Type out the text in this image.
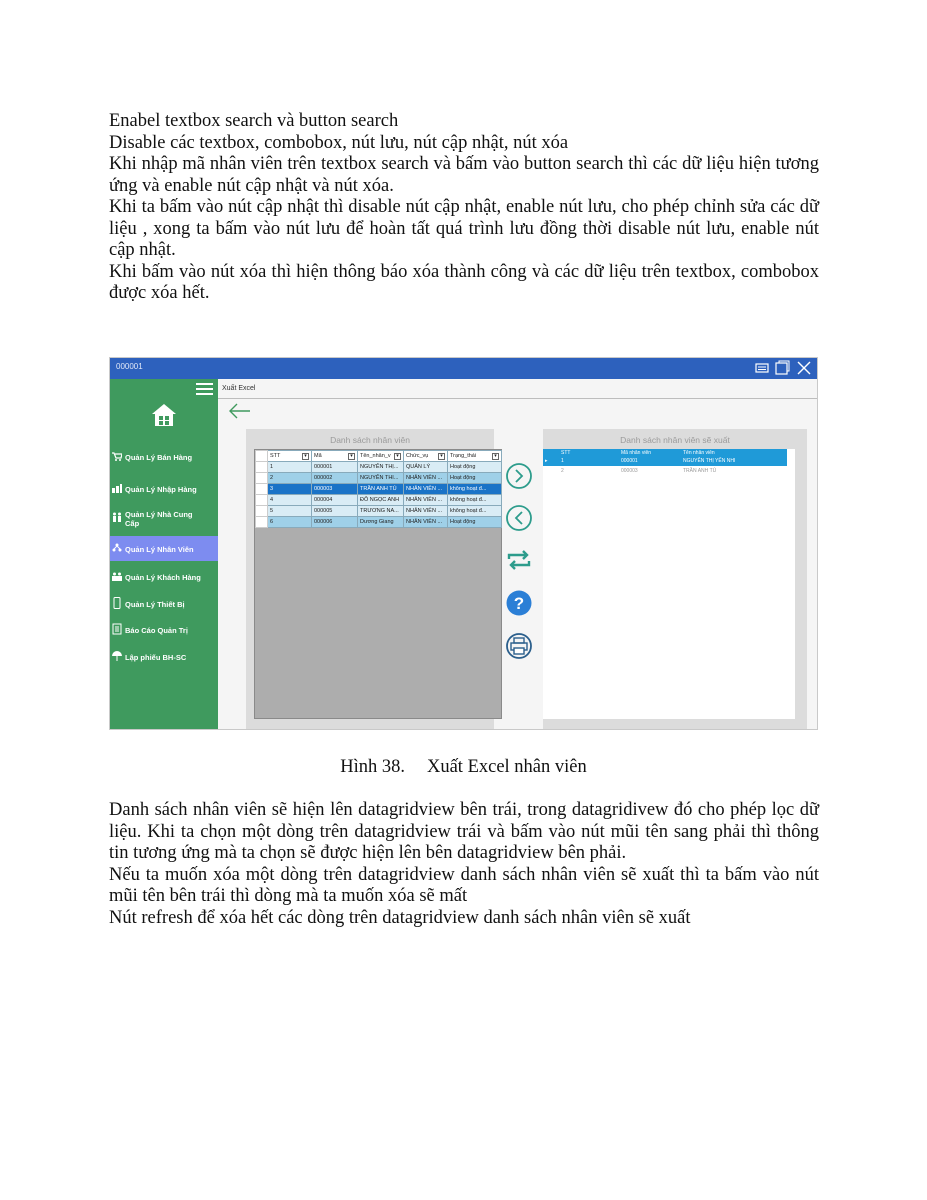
Enabel textbox search và button search

Disable các textbox, combobox, nút lưu, nút cập nhật, nút xóa

Khi nhập mã nhân viên trên textbox search và bấm vào button search thì các dữ liệu hiện tương ứng và enable nút cập nhật và nút xóa.

Khi ta bấm vào nút cập nhật thì disable nút cập nhật, enable nút lưu, cho phép chỉnh sửa các dữ liệu , xong ta bấm vào nút lưu để hoàn tất quá trình lưu đồng thời disable nút lưu, enable nút cập nhật.

Khi bấm vào nút xóa thì hiện thông báo xóa thành công và các dữ liệu trên textbox, combobox được xóa hết.

000001
Quản Lý Bán Hàng
Quản Lý Nhập Hàng
Quản Lý Nhà Cung Cấp
Quản Lý Nhân Viên
Quản Lý Khách Hàng
Quản Lý Thiết Bị
Báo Cáo Quản Trị
Lập phiếu BH-SC
Xuất Excel
Danh sách nhân viên
	STT ▾	Mã ▾	Tên_nhân_v ▾	Chức_vụ ▾	Trạng_thái ▾

	1	000001	NGUYỄN THỊ...	QUẢN LÝ	Hoạt động
	2	000002	NGUYỄN THI...	NHÂN VIÊN ...	Hoạt động
▸	3	000003	TRẦN ANH TÚ	NHÂN VIÊN ...	không hoạt đ...
	4	000004	ĐỖ NGỌC ANH	NHÂN VIÊN ...	không hoạt đ...
	5	000005	TRƯƠNG NA...	NHÂN VIÊN ...	không hoạt đ...
	6	000006	Dương Giang	NHÂN VIÊN ...	Hoạt động
?
Danh sách nhân viên sẽ xuất
	STT	Mã nhân viên	Tên nhân viên
▸	1	000001	NGUYỄN THỊ YẾN NHI
	2	000003	TRẦN ANH TÚ
Hình 38. Xuất Excel nhân viên

Danh sách nhân viên sẽ hiện lên datagridview bên trái, trong datagridivew đó cho phép lọc dữ liệu. Khi ta chọn một dòng trên datagridview trái và bấm vào nút mũi tên sang phải thì thông tin tương ứng mà ta chọn sẽ được hiện lên bên datagridview bên phải.

Nếu ta muốn xóa một dòng trên datagridview danh sách nhân viên sẽ xuất thì ta bấm vào nút mũi tên bên trái thì dòng mà ta muốn xóa sẽ mất

Nút refresh để xóa hết các dòng trên datagridview danh sách nhân viên sẽ xuất
